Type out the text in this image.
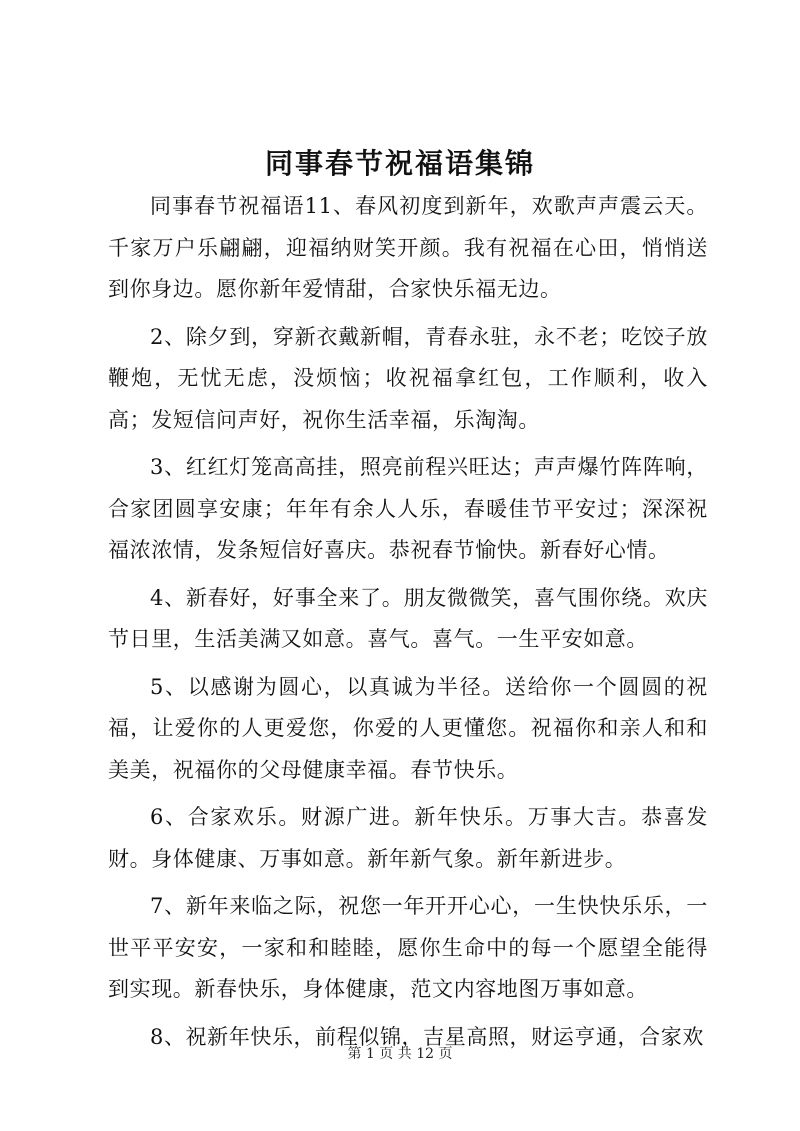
同事春节祝福语集锦

同事春节祝福语11、春风初度到新年，欢歌声声震云天。千家万户乐翩翩，迎福纳财笑开颜。我有祝福在心田，悄悄送到你身边。愿你新年爱情甜，合家快乐福无边。

2、除夕到，穿新衣戴新帽，青春永驻，永不老；吃饺子放鞭炮，无忧无虑，没烦恼；收祝福拿红包，工作顺利，收入高；发短信问声好，祝你生活幸福，乐淘淘。

3、红红灯笼高高挂，照亮前程兴旺达；声声爆竹阵阵响，合家团圆享安康；年年有余人人乐，春暖佳节平安过；深深祝福浓浓情，发条短信好喜庆。恭祝春节愉快。新春好心情。

4、新春好，好事全来了。朋友微微笑，喜气围你绕。欢庆节日里，生活美满又如意。喜气。喜气。一生平安如意。

5、以感谢为圆心，以真诚为半径。送给你一个圆圆的祝福，让爱你的人更爱您，你爱的人更懂您。祝福你和亲人和和美美，祝福你的父母健康幸福。春节快乐。

6、合家欢乐。财源广进。新年快乐。万事大吉。恭喜发财。身体健康、万事如意。新年新气象。新年新进步。

7、新年来临之际，祝您一年开开心心，一生快快乐乐，一世平平安安，一家和和睦睦，愿你生命中的每一个愿望全能得到实现。新春快乐，身体健康，范文内容地图万事如意。

8、祝新年快乐，前程似锦，吉星高照，财运亨通，合家欢

第 1 页 共 12 页
